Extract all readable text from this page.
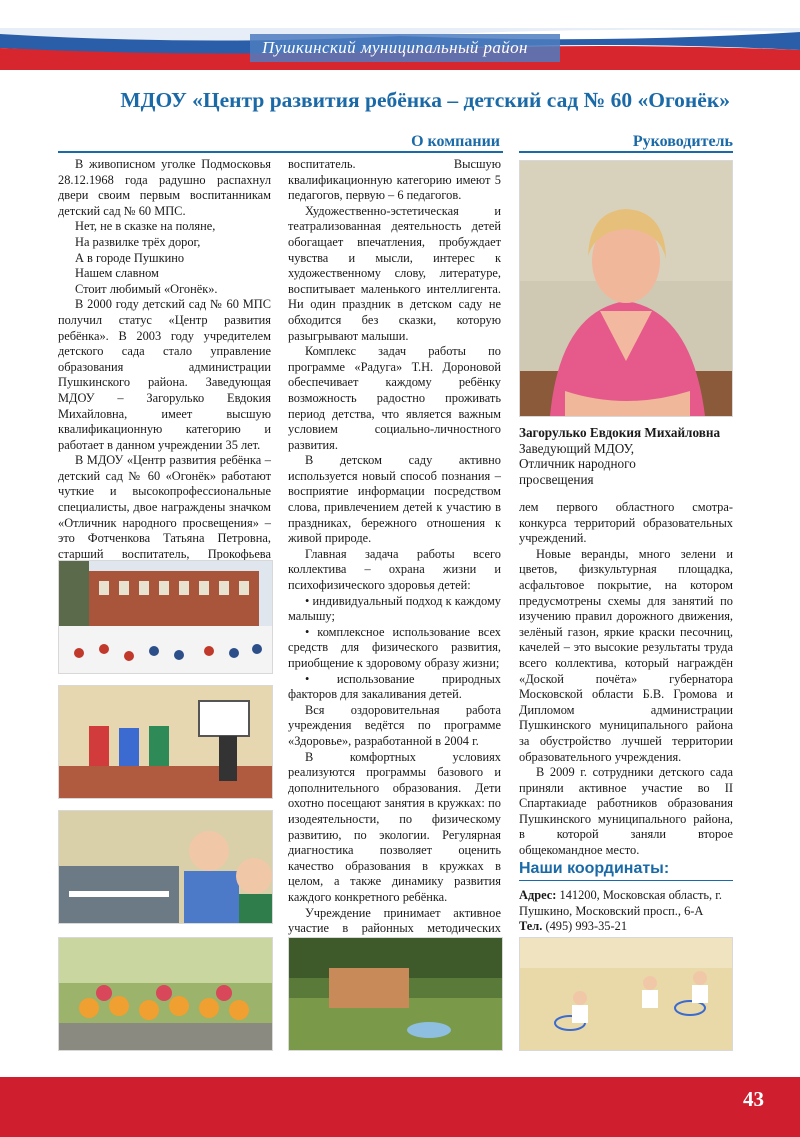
Пушкинский муниципальный район
МДОУ «Центр развития ребёнка – детский сад № 60 «Огонёк»
О компании	Руководитель

В живописном уголке Подмосковья 28.12.1968 года радушно распахнул двери своим первым воспитанникам детский сад № 60 МПС.

Нет, не в сказке на поляне,

На развилке трёх дорог,

А в городе Пушкино

Нашем славном

Стоит любимый «Огонёк».

В 2000 году детский сад № 60 МПС получил статус «Центр развития ребёнка». В 2003 году учредителем детского сада стало управление образования администрации Пушкинского района. Заведующая МДОУ – Загорулько Евдокия Михайловна, имеет высшую квалификационную категорию и работает в данном учреждении 35 лет.

В МДОУ «Центр развития ребёнка – детский сад № 60 «Огонёк» работают чуткие и высокопрофессиональные специалисты, двое награждены значком «Отличник народного просвещения» – это Фотченкова Татьяна Петровна, старший воспитатель, Прокофьева

воспитатель. Высшую квалификационную категорию имеют 5 педагогов, первую – 6 педагогов.

Художественно-эстетическая и театрализованная деятельность детей обогащает впечатления, пробуждает чувства и мысли, интерес к художественному слову, литературе, воспитывает маленького интеллигента. Ни один праздник в детском саду не обходится без сказки, которую разыгрывают малыши.

Комплекс задач работы по программе «Радуга» Т.Н. Дороновой обеспечивает каждому ребёнку возможность радостно проживать период детства, что является важным условием социально-личностного развития.

В детском саду активно используется новый способ познания – восприятие информации посредством слова, привлечением детей к участию в праздниках, бережного отношения к живой природе.

Главная задача работы всего коллектива – охрана жизни и психофизического здоровья детей:

• индивидуальный подход к каждому малышу;

• комплексное использование всех средств для физического развития, приобщение к здоровому образу жизни;

• использование природных факторов для закаливания детей.

Вся оздоровительная работа учреждения ведётся по программе «Здоровье», разработанной в 2004 г.

В комфортных условиях реализуются программы базового и дополнительного образования. Дети охотно посещают занятия в кружках: по изодеятельности, по физическому развитию, по экологии. Регулярная диагностика позволяет оценить качество образования в кружках в целом, а также динамику развития каждого конкретного ребёнка.

Учреждение принимает активное участие в районных методических

лем первого областного смотра-конкурса территорий образовательных учреждений.

Новые веранды, много зелени и цветов, физкультурная площадка, асфальтовое покрытие, на котором предусмотрены схемы для занятий по изучению правил дорожного движения, зелёный газон, яркие краски песочниц, качелей – это высокие результаты труда всего коллектива, который награждён «Доской почёта» губернатора Московской области Б.В. Громова и Дипломом администрации Пушкинского муниципального района за обустройство лучшей территории образовательного учреждения.

В 2009 г. сотрудники детского сада приняли активное участие во II Спартакиаде работников образования Пушкинского муниципального района, в которой заняли второе общекомандное место.

Загорулько Евдокия Михайловна
Заведующий МДОУ,
Отличник народного
просвещения
Наши координаты:
Адрес: 141200, Московская область, г. Пушкино, Московский просп., 6-А
Тел. (495) 993-35-21
43
